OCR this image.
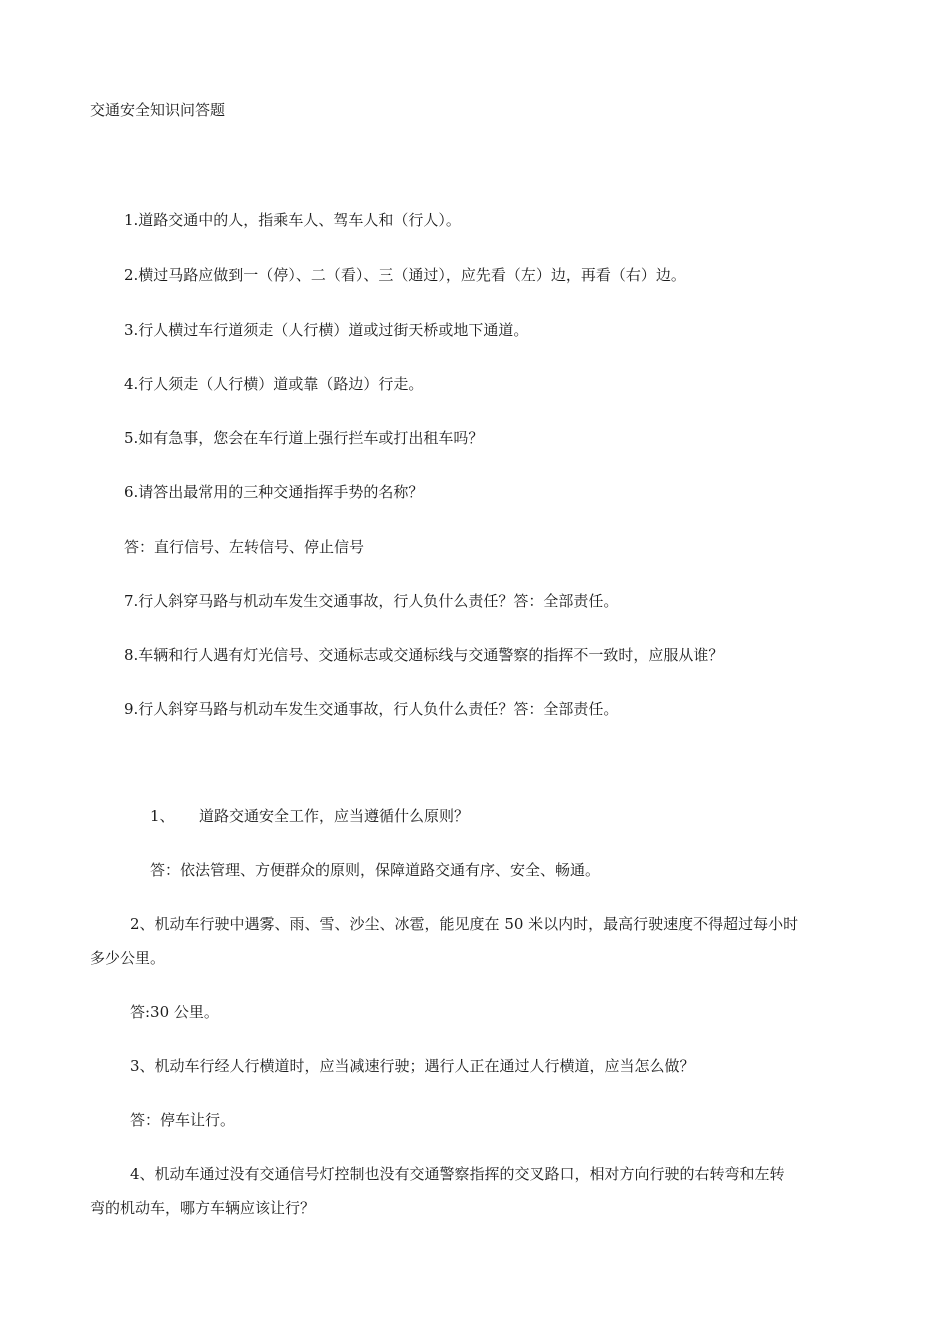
交通安全知识问答题
1.道路交通中的人，指乘车人、驾车人和（行人）。
2.横过马路应做到一（停）、二（看）、三（通过），应先看（左）边，再看（右）边。
3.行人横过车行道须走（人行横）道或过街天桥或地下通道。
4.行人须走（人行横）道或靠（路边）行走。
5.如有急事，您会在车行道上强行拦车或打出租车吗？
6.请答出最常用的三种交通指挥手势的名称？
答：直行信号、左转信号、停止信号
7.行人斜穿马路与机动车发生交通事故，行人负什么责任？答：全部责任。
8.车辆和行人遇有灯光信号、交通标志或交通标线与交通警察的指挥不一致时，应服从谁？
9.行人斜穿马路与机动车发生交通事故，行人负什么责任？答：全部责任。
1、 道路交通安全工作，应当遵循什么原则？
答：依法管理、方便群众的原则，保障道路交通有序、安全、畅通。
2、机动车行驶中遇雾、雨、雪、沙尘、冰雹，能见度在 50 米以内时，最高行驶速度不得超过每小时
多少公里。
答:30 公里。
3、机动车行经人行横道时，应当减速行驶；遇行人正在通过人行横道，应当怎么做？
答：停车让行。
4、机动车通过没有交通信号灯控制也没有交通警察指挥的交叉路口，相对方向行驶的右转弯和左转
弯的机动车，哪方车辆应该让行？
